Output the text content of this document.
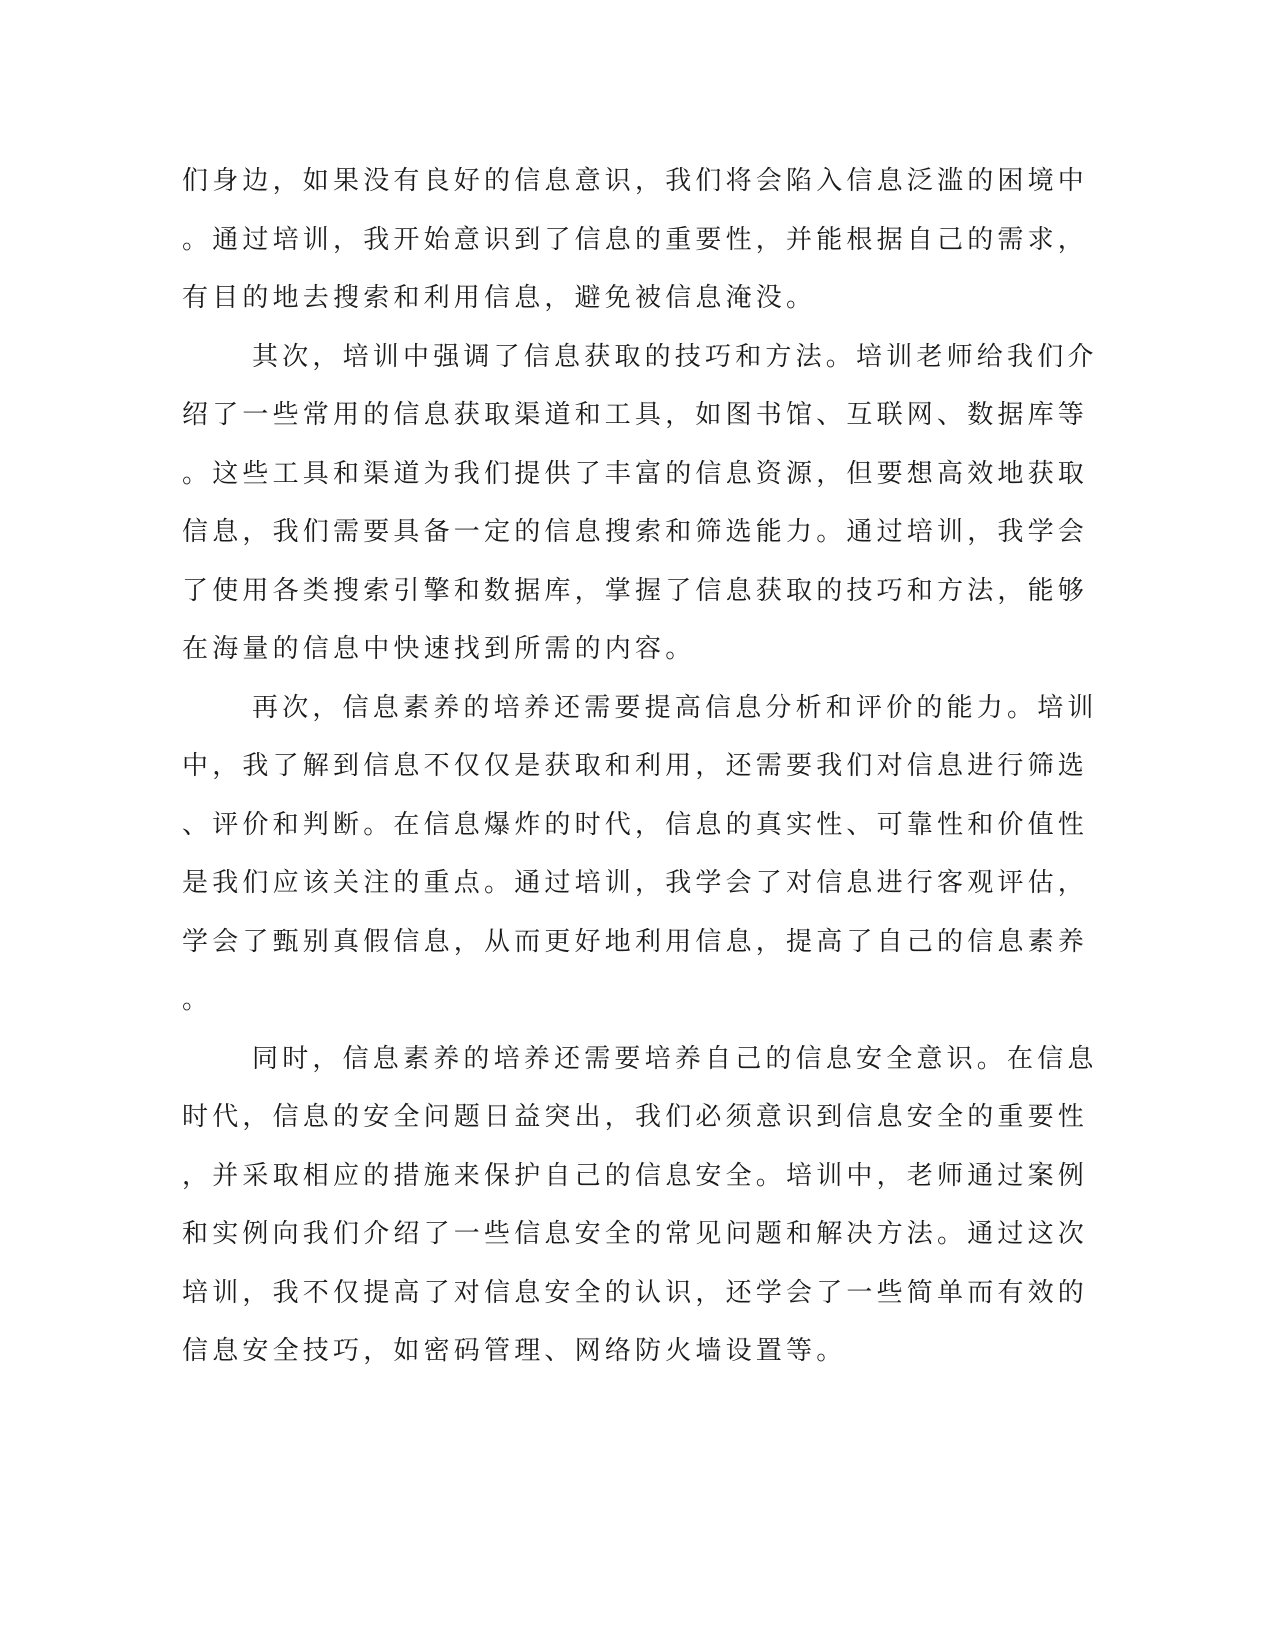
们身边，如果没有良好的信息意识，我们将会陷入信息泛滥的困境中
。通过培训，我开始意识到了信息的重要性，并能根据自己的需求，
有目的地去搜索和利用信息，避免被信息淹没。
其次，培训中强调了信息获取的技巧和方法。培训老师给我们介
绍了一些常用的信息获取渠道和工具，如图书馆、互联网、数据库等
。这些工具和渠道为我们提供了丰富的信息资源，但要想高效地获取
信息，我们需要具备一定的信息搜索和筛选能力。通过培训，我学会
了使用各类搜索引擎和数据库，掌握了信息获取的技巧和方法，能够
在海量的信息中快速找到所需的内容。
再次，信息素养的培养还需要提高信息分析和评价的能力。培训
中，我了解到信息不仅仅是获取和利用，还需要我们对信息进行筛选
、评价和判断。在信息爆炸的时代，信息的真实性、可靠性和价值性
是我们应该关注的重点。通过培训，我学会了对信息进行客观评估，
学会了甄别真假信息，从而更好地利用信息，提高了自己的信息素养
。
同时，信息素养的培养还需要培养自己的信息安全意识。在信息
时代，信息的安全问题日益突出，我们必须意识到信息安全的重要性
，并采取相应的措施来保护自己的信息安全。培训中，老师通过案例
和实例向我们介绍了一些信息安全的常见问题和解决方法。通过这次
培训，我不仅提高了对信息安全的认识，还学会了一些简单而有效的
信息安全技巧，如密码管理、网络防火墙设置等。
